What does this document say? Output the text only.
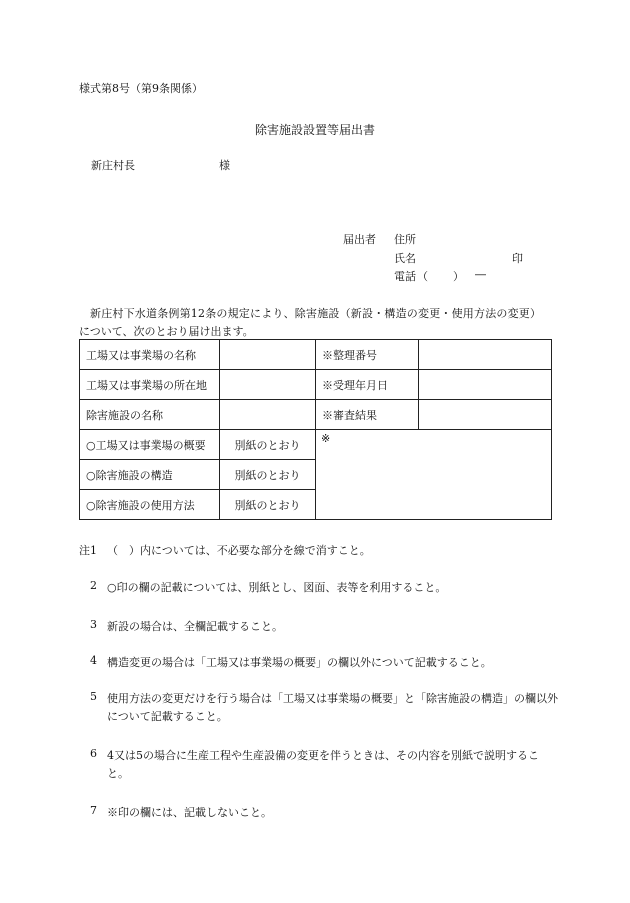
様式第8号（第9条関係）
除害施設設置等届出書
新庄村長	様
届出者 住所
氏名	印
電話 （　　） ―
新庄村下水道条例第12条の規定により、除害施設（新設・構造の変更・使用方法の変更）
について、次のとおり届け出ます。
工場又は事業場の名称		※整理番号	
工場又は事業場の所在地		※受理年月日	
除害施設の名称		※審査結果	
○工場又は事業場の概要	別紙のとおり	※	
○除害施設の構造	別紙のとおり		
○除害施設の使用方法	別紙のとおり		
注1 （　）内については、不必要な部分を線で消すこと。
2 ○印の欄の記載については、別紙とし、図面、表等を利用すること。
3 新設の場合は、全欄記載すること。
4 構造変更の場合は「工場又は事業場の概要」の欄以外について記載すること。
5 使用方法の変更だけを行う場合は「工場又は事業場の概要」と「除害施設の構造」の欄以外について記載すること。
6 4又は5の場合に生産工程や生産設備の変更を伴うときは、その内容を別紙で説明すること。
7 ※印の欄には、記載しないこと。
